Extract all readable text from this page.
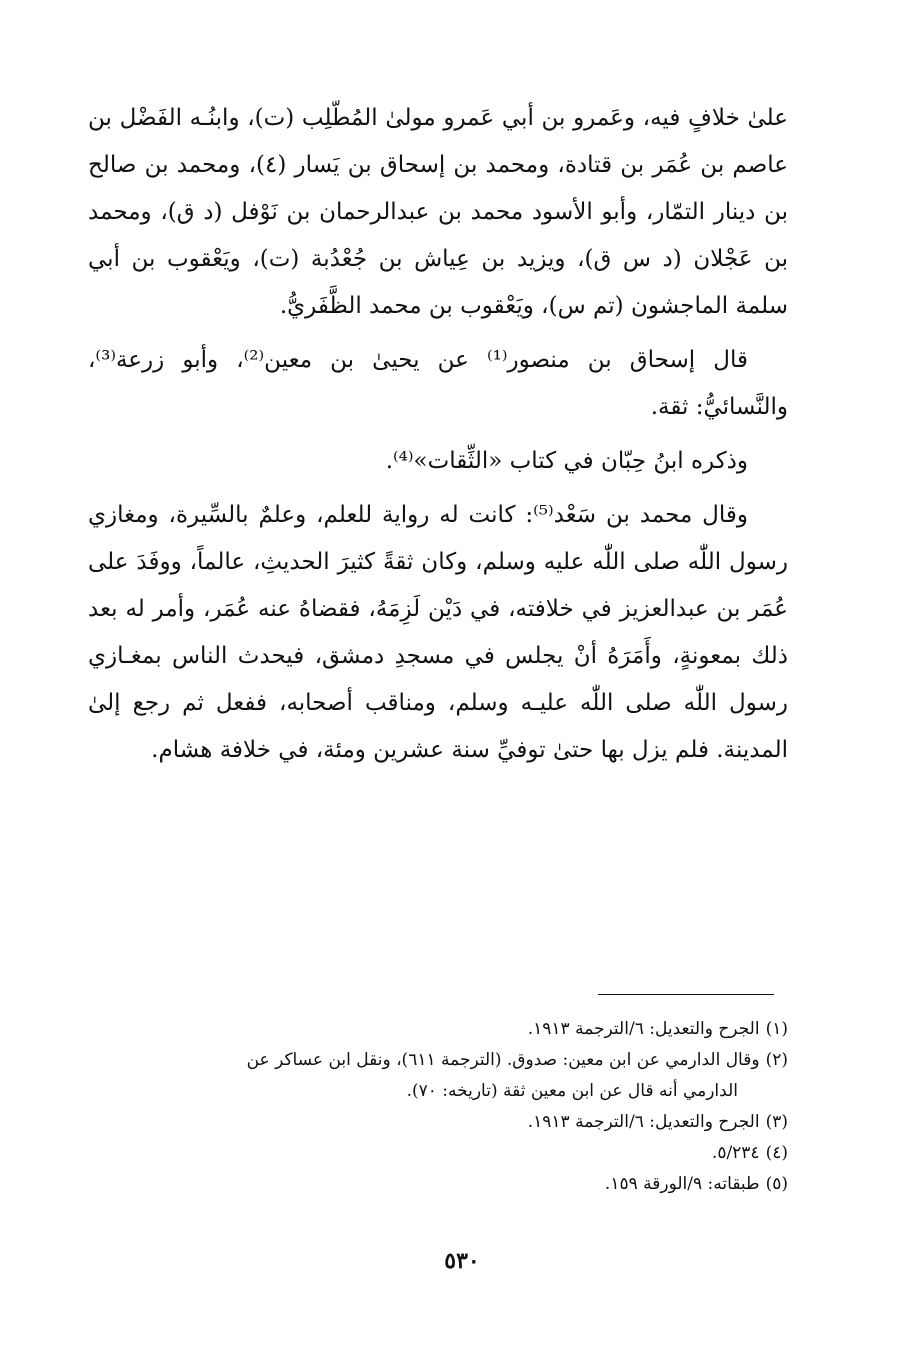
علىٰ خلافٍ فيه، وعَمرو بن أبي عَمرو مولىٰ المُطّلِب (ت)، وابنُـه الفَضْل بن عاصم بن عُمَر بن قتادة، ومحمد بن إسحاق بن يَسار (٤)، ومحمد بن صالح بن دينار التمّار، وأبو الأسود محمد بن عبدالرحمان بن نَوْفل (د ق)، ومحمد بن عَجْلان (د س ق)، ويزيد بن عِياش بن جُعْدُبة (ت)، ويَعْقوب بن أبي سلمة الماجشون (تم س)، ويَعْقوب بن محمد الظَّفَريُّ.

قال إسحاق بن منصور⁽¹⁾ عن يحيىٰ بن معين⁽²⁾، وأبو زرعة⁽³⁾، والنَّسائيُّ: ثقة.

وذكره ابنُ حِبّان في كتاب «الثِّقات»⁽⁴⁾.

وقال محمد بن سَعْد⁽⁵⁾: كانت له رواية للعلم، وعلمٌ بالسِّيرة، ومغازي رسول اللّٰه صلى اللّٰه عليه وسلم، وكان ثقةً كثيرَ الحديثِ، عالماً، ووفَدَ على عُمَر بن عبدالعزيز في خلافته، في دَيْن لَزِمَهُ، فقضاهُ عنه عُمَر، وأمر له بعد ذلك بمعونةٍ، وأَمَرَهُ أنْ يجلس في مسجدِ دمشق، فيحدث الناس بمغـازي رسول اللّٰه صلى اللّٰه عليـه وسلم، ومناقب أصحابه، ففعل ثم رجع إلىٰ المدينة. فلم يزل بها حتىٰ توفيِّ سنة عشرين ومئة، في خلافة هشام.

(١)الجرح والتعديل: ٦/الترجمة ١٩١٣.

(٢)وقال الدارمي عن ابن معين: صدوق. (الترجمة ٦١١)، ونقل ابن عساكر عن

الدارمي أنه قال عن ابن معين ثقة (تاريخه: ٧٠).

(٣)الجرح والتعديل: ٦/الترجمة ١٩١٣.

(٤)٥/٢٣٤.

(٥)طبقاته: ٩/الورقة ١٥٩.

٥٣٠
